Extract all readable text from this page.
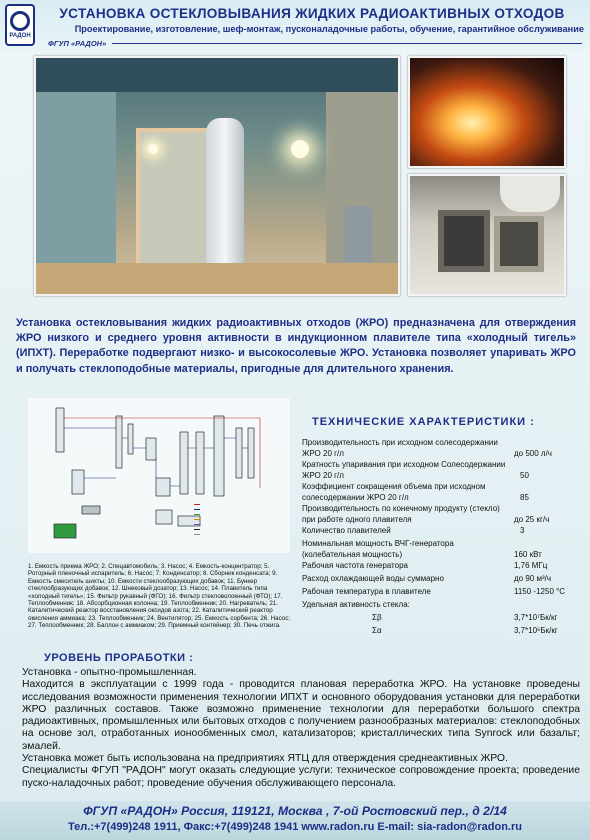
РАДОН
УСТАНОВКА ОСТЕКЛОВЫВАНИЯ ЖИДКИХ РАДИОАКТИВНЫХ ОТХОДОВ
Проектирование, изготовление, шеф-монтаж, пусконаладочные работы, обучение, гарантийное обслуживание
ФГУП «РАДОН»
Установка остекловывания жидких радиоактивных отходов (ЖРО) предназначена для отверждения ЖРО низкого и среднего уровня активности в индукционном плавителе типа «холодный тигель» (ИПХТ). Переработке подвергают низко- и высокосолевые ЖРО. Установка позволяет упаривать ЖРО и получать стеклоподобные материалы, пригодные для длительного хранения.
1. Емкость приема ЖРО; 2. Спецавтомобиль; 3. Насос; 4. Емкость-концентратор; 5. Роторный пленочный испаритель; 6. Насос; 7. Конденсатор; 8. Сборник конденсата; 9. Емкость смеситель шихты; 10. Емкости стеклообразующих добавок; 11. Бункер стеклообразующих добавок; 12. Шнековый дозатор; 13. Насос; 14. Плавитель типа «холодный тигель»; 15. Фильтр рукавный (ФГО); 16. Фильтр стекловолокнный (ФТО); 17. Теплообменник; 18. Абсорбционная колонна; 19. Теплообменник; 20. Нагреватель; 21. Каталитический реактор восстановления оксидов азота; 22. Каталитический реактор окисления аммиака; 23. Теплообменник; 24. Вентилятор; 25. Емкость сорбента; 26. Насос; 27. Теплообменник; 28. Баллон с аммиаком; 29. Приемный контейнер; 30. Печь отжига.
ТЕХНИЧЕСКИЕ ХАРАКТЕРИСТИКИ :
Производительность при исходном солесодержании ЖРО 20 г/л	до 500 л/ч
Кратность упаривания при исходном Солесодержании ЖРО 20 г/л	50
Коэффициент сокращения объема при исходном солесодержании ЖРО 20 г/л	85
Производительность по конечному продукту (стекло) при работе одного плавителя	до 25 кг/ч
Количество плавителей	3
Номинальная мощность ВЧГ-генератора (колебательная мощность)	160 кВт
Рабочая частота генератора	1,76 МГц
Расход охлаждающей воды суммарно	до 90 м³/ч
Рабочая температура в плавителе	1150 -1250 °С
Удельная активность стекла:
Σβ	3,7*10⁷Бк/кг
Σα	3,7*10⁶Бк/кг
УРОВЕНЬ ПРОРАБОТКИ :
Установка - опытно-промышленная.
Находится в эксплуатации с 1999 года - проводится плановая переработка ЖРО. На установке проведены исследования возможности применения технологии ИПХТ и основного оборудования установки для переработки ЖРО различных составов. Также возможно применение технологии для переработки большого спектра радиоактивных, промышленных или бытовых отходов с получением разнообразных материалов: стеклоподобных на основе зол, отработанных ионообменных смол, катализаторов; кристаллических типа Synrock или базальт; эмалей.
Установка может быть использована на предприятиях ЯТЦ для отверждения среднеактивных ЖРО.
Специалисты ФГУП "РАДОН" могут оказать следующие услуги: техническое сопровождение проекта; проведение пуско-наладочных работ; проведение обучения обслуживающего персонала.
ФГУП «РАДОН» Россия, 119121, Москва , 7-ой Ростовский пер., д 2/14
Тел.:+7(499)248 1911, Факс:+7(499)248 1941 www.radon.ru E-mail: sia-radon@radon.ru
